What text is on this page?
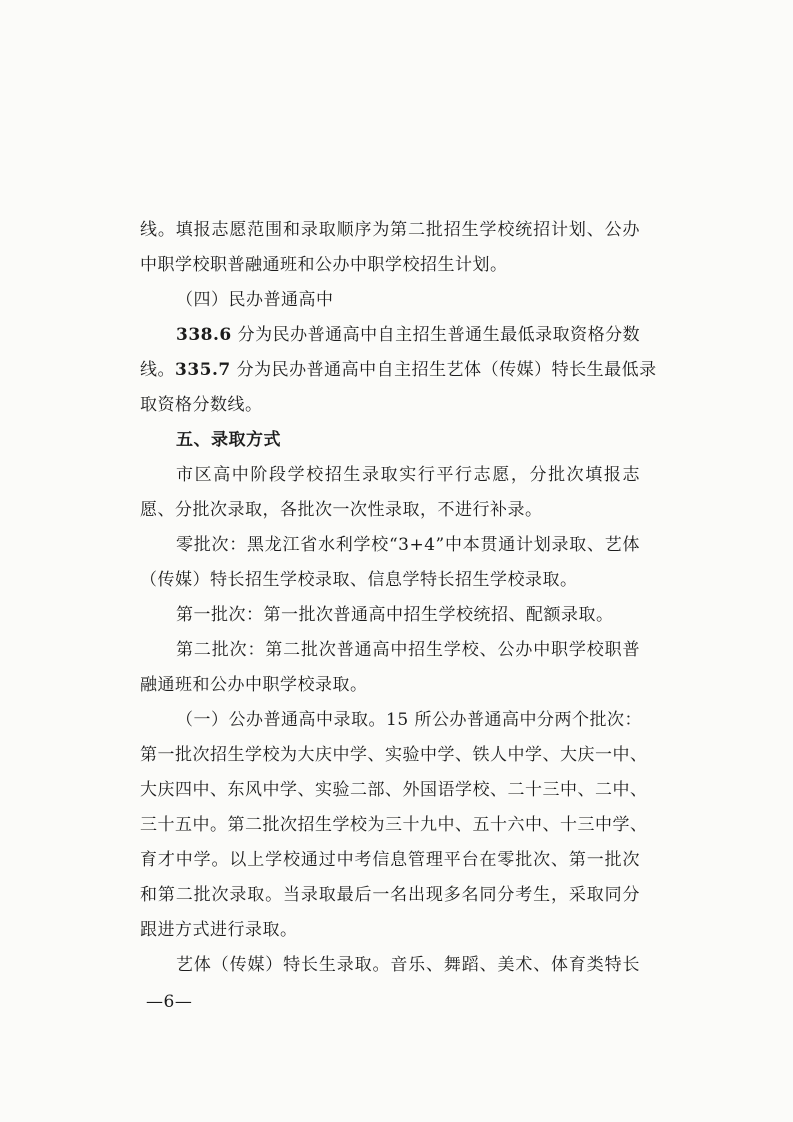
线。填报志愿范围和录取顺序为第二批招生学校统招计划、公办
中职学校职普融通班和公办中职学校招生计划。
（四）民办普通高中
338.6 分为民办普通高中自主招生普通生最低录取资格分数
线。335.7 分为民办普通高中自主招生艺体（传媒）特长生最低录
取资格分数线。
五、录取方式
市区高中阶段学校招生录取实行平行志愿，分批次填报志
愿、分批次录取，各批次一次性录取，不进行补录。
零批次：黑龙江省水利学校“3+4”中本贯通计划录取、艺体
（传媒）特长招生学校录取、信息学特长招生学校录取。
第一批次：第一批次普通高中招生学校统招、配额录取。
第二批次：第二批次普通高中招生学校、公办中职学校职普
融通班和公办中职学校录取。
（一）公办普通高中录取。15 所公办普通高中分两个批次：
第一批次招生学校为大庆中学、实验中学、铁人中学、大庆一中、
大庆四中、东风中学、实验二部、外国语学校、二十三中、二中、
三十五中。第二批次招生学校为三十九中、五十六中、十三中学、
育才中学。以上学校通过中考信息管理平台在零批次、第一批次
和第二批次录取。当录取最后一名出现多名同分考生，采取同分
跟进方式进行录取。
艺体（传媒）特长生录取。音乐、舞蹈、美术、体育类特长
—6—
